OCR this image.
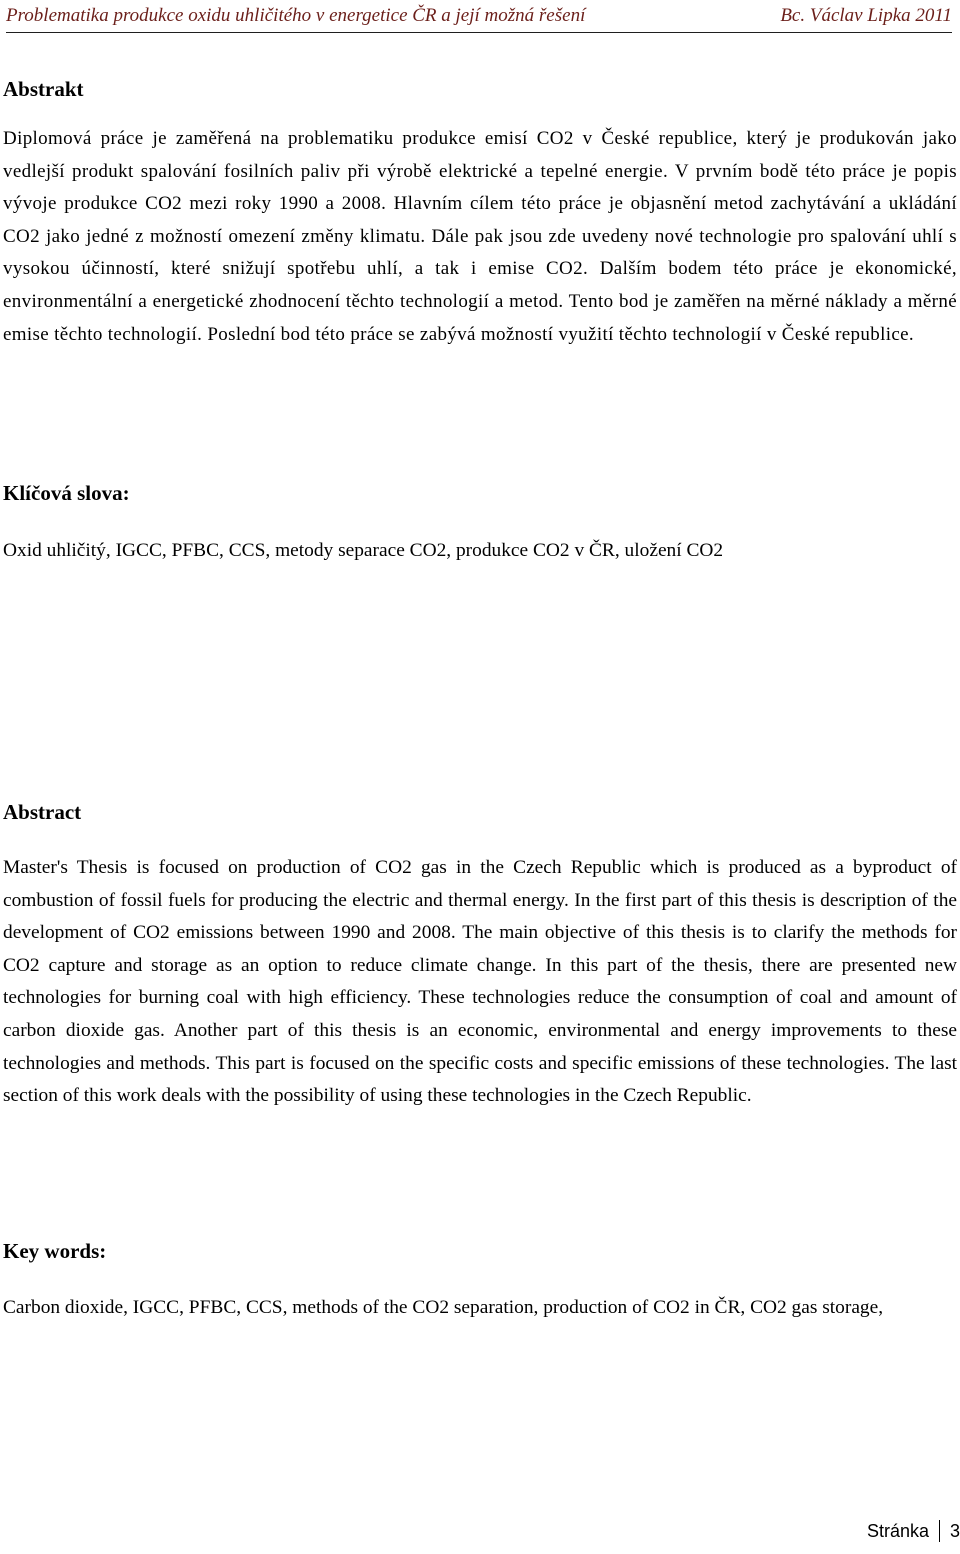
Problematika produkce oxidu uhličitého v energetice ČR a její možná řešení	Bc. Václav Lipka 2011
Abstrakt

Diplomová práce je zaměřená na problematiku produkce emisí CO2 v České republice, který je produkován jako vedlejší produkt spalování fosilních paliv při výrobě elektrické a tepelné energie. V prvním bodě této práce je popis vývoje produkce CO2 mezi roky 1990 a 2008. Hlavním cílem této práce je objasnění metod zachytávání a ukládání CO2 jako jedné z možností omezení změny klimatu. Dále pak jsou zde uvedeny nové technologie pro spalování uhlí s vysokou účinností, které snižují spotřebu uhlí, a tak i emise CO2. Dalším bodem této práce je ekonomické, environmentální a energetické zhodnocení těchto technologií a metod. Tento bod je zaměřen na měrné náklady a měrné emise těchto technologií. Poslední bod této práce se zabývá možností využití těchto technologií v České republice.

Klíčová slova:

Oxid uhličitý, IGCC, PFBC, CCS, metody separace CO2, produkce CO2 v ČR, uložení CO2

Abstract

Master's Thesis is focused on production of CO2 gas in the Czech Republic which is produced as a byproduct of combustion of fossil fuels for producing the electric and thermal energy. In the first part of this thesis is description of the development of CO2 emissions between 1990 and 2008. The main objective of this thesis is to clarify the methods for CO2 capture and storage as an option to reduce climate change. In this part of the thesis, there are presented new technologies for burning coal with high efficiency. These technologies reduce the consumption of coal and amount of carbon dioxide gas. Another part of this thesis is an economic, environmental and energy improvements to these technologies and methods. This part is focused on the specific costs and specific emissions of these technologies. The last section of this work deals with the possibility of using these technologies in the Czech Republic.

Key words:

Carbon dioxide, IGCC, PFBC, CCS, methods of the CO2 separation, production of CO2 in ČR, CO2 gas storage,

Stránka 3
